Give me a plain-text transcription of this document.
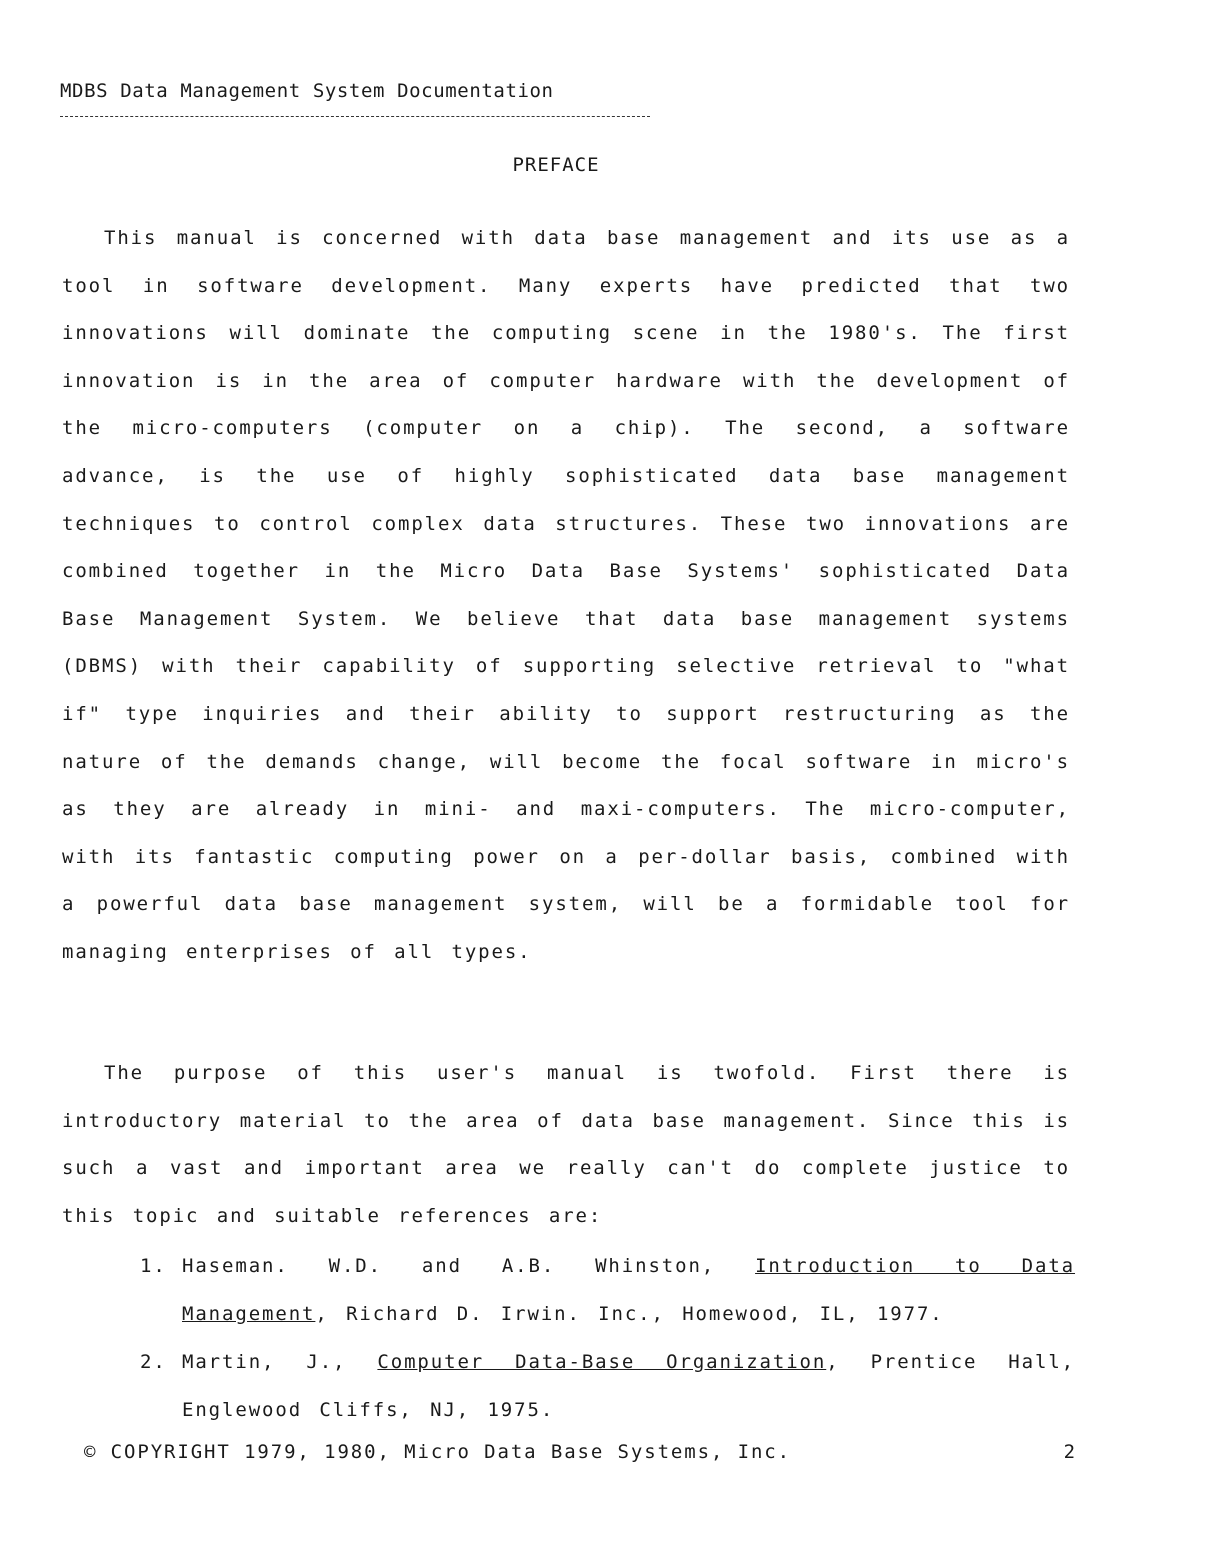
MDBS Data Management System Documentation
PREFACE

This manual is concerned with data base management and its use as a tool in software development. Many experts have predicted that two innovations will dominate the computing scene in the 1980's. The first innovation is in the area of computer hardware with the development of the micro-computers (computer on a chip). The second, a software advance, is the use of highly sophisticated data base management techniques to control complex data structures. These two innovations are combined together in the Micro Data Base Systems' sophisticated Data Base Management System. We believe that data base management systems (DBMS) with their capability of supporting selective retrieval to "what if" type inquiries and their ability to support restructuring as the nature of the demands change, will become the focal software in micro's as they are already in mini- and maxi-computers. The micro-computer, with its fantastic computing power on a per-dollar basis, combined with a powerful data base management system, will be a formidable tool for managing enterprises of all types.

The purpose of this user's manual is twofold. First there is introductory material to the area of data base management. Since this is such a vast and important area we really can't do complete justice to this topic and suitable references are:

1. Haseman. W.D. and A.B. Whinston, Introduction to Data Management, Richard D. Irwin. Inc., Homewood, IL, 1977.
2. Martin, J., Computer Data-Base Organization, Prentice Hall, Englewood Cliffs, NJ, 1975.
© COPYRIGHT 1979, 1980, Micro Data Base Systems, Inc.	2
